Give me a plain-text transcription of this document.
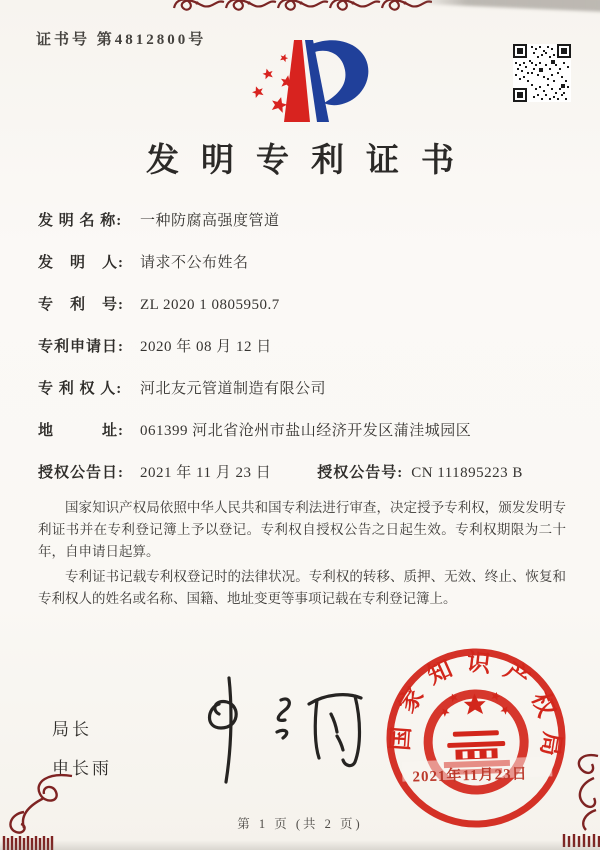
证书号 第4812800号
发明专利证书
发 明 名 称:	一种防腐高强度管道
发　明　人:	请求不公布姓名
专　利　号:	ZL 2020 1 0805950.7
专利申请日:	2020 年 08 月 12 日
专 利 权 人:	河北友元管道制造有限公司
地　　　址:	061399 河北省沧州市盐山经济开发区蒲洼城园区
授权公告日:	2021 年 11 月 23 日	授权公告号: CN 111895223 B

国家知识产权局依照中华人民共和国专利法进行审查，决定授予专利权，颁发发明专利证书并在专利登记簿上予以登记。专利权自授权公告之日起生效。专利权期限为二十年，自申请日起算。

专利证书记载专利权登记时的法律状况。专利权的转移、质押、无效、终止、恢复和专利权人的姓名或名称、国籍、地址变更等事项记载在专利登记簿上。

局长
申长雨
国家知识产权局
2021年11月23日
第 1 页 (共 2 页)
